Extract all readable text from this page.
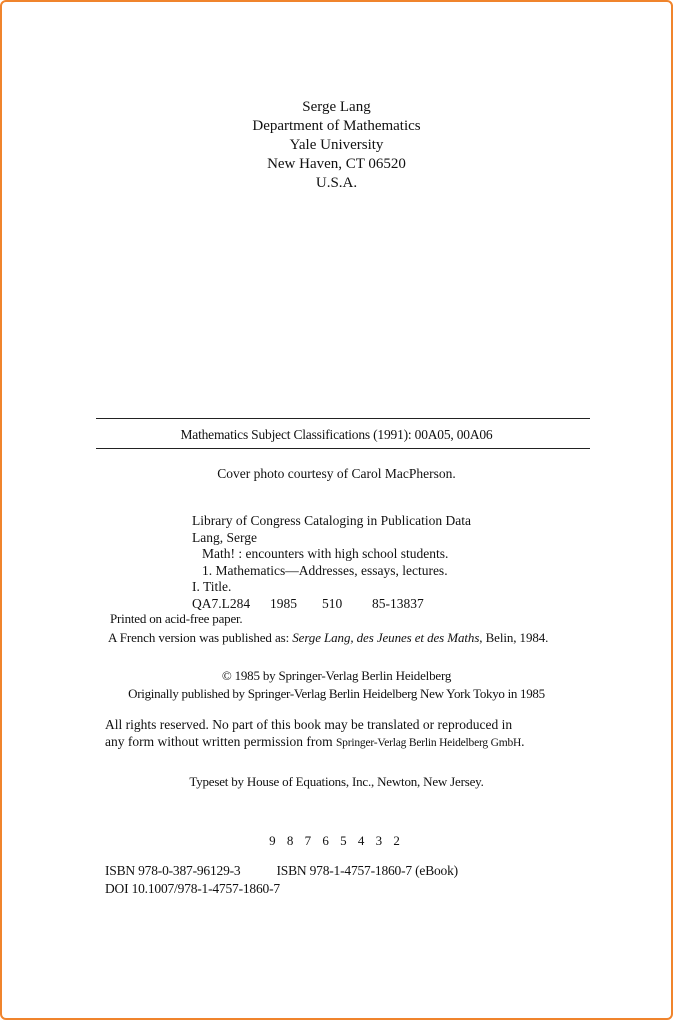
Serge Lang
Department of Mathematics
Yale University
New Haven, CT 06520
U.S.A.
Mathematics Subject Classifications (1991): 00A05, 00A06
Cover photo courtesy of Carol MacPherson.
Library of Congress Cataloging in Publication Data
Lang, Serge
Math! : encounters with high school students.
1. Mathematics—Addresses, essays, lectures.
I. Title.
QA7.L284 1985 510 85-13837
Printed on acid-free paper.
A French version was published as: Serge Lang, des Jeunes et des Maths, Belin, 1984.
© 1985 by Springer-Verlag Berlin Heidelberg
Originally published by Springer-Verlag Berlin Heidelberg New York Tokyo in 1985
All rights reserved. No part of this book may be translated or reproduced in
any form without written permission from Springer-Verlag Berlin Heidelberg GmbH.
Typeset by House of Equations, Inc., Newton, New Jersey.
9 8 7 6 5 4 3 2
ISBN 978-0-387-96129-3	ISBN 978-1-4757-1860-7 (eBook)
DOI 10.1007/978-1-4757-1860-7
